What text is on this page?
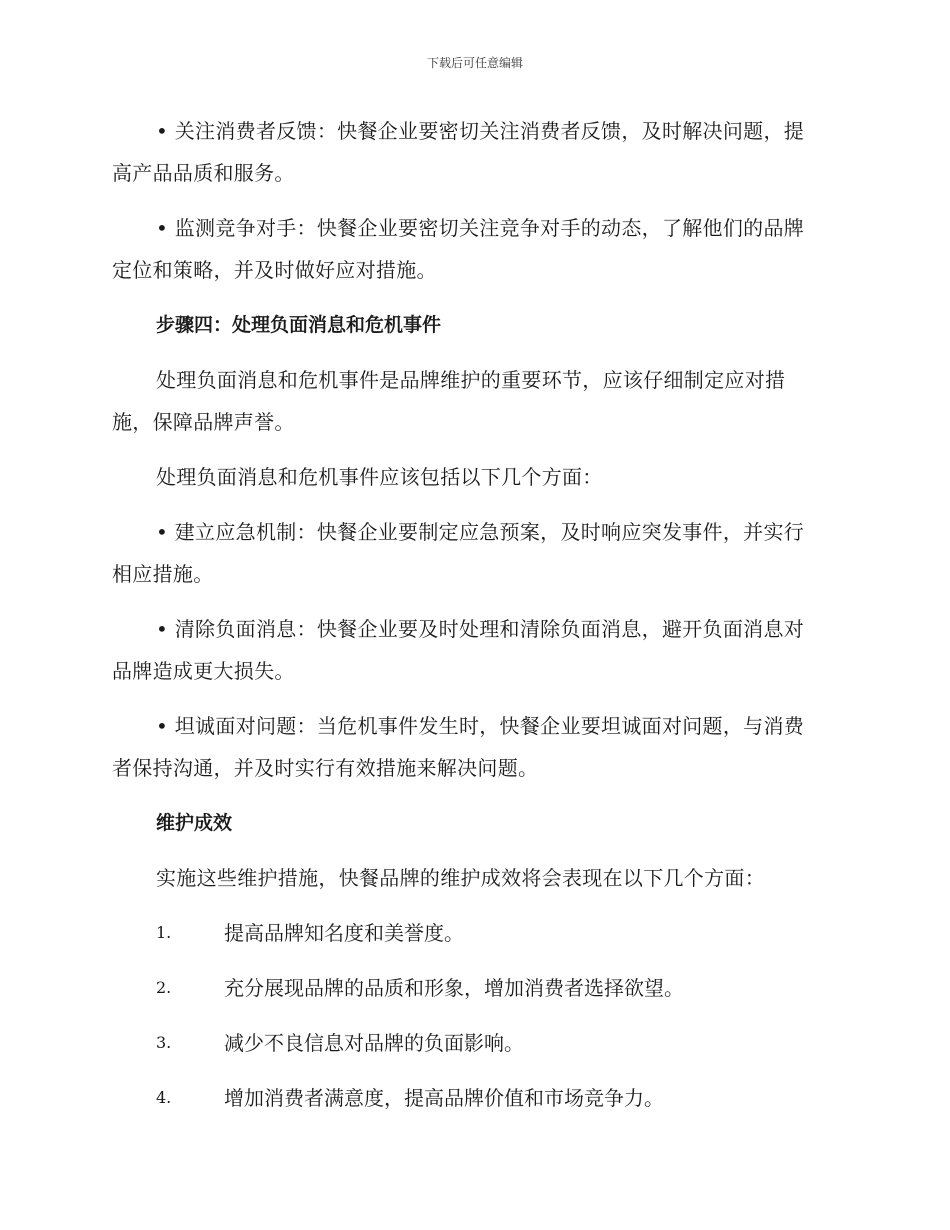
下载后可任意编辑

• 关注消费者反馈：快餐企业要密切关注消费者反馈，及时解决问题，提高产品品质和服务。

• 监测竞争对手：快餐企业要密切关注竞争对手的动态，了解他们的品牌定位和策略，并及时做好应对措施。

步骤四：处理负面消息和危机事件

处理负面消息和危机事件是品牌维护的重要环节，应该仔细制定应对措施，保障品牌声誉。

处理负面消息和危机事件应该包括以下几个方面：

• 建立应急机制：快餐企业要制定应急预案，及时响应突发事件，并实行相应措施。

• 清除负面消息：快餐企业要及时处理和清除负面消息，避开负面消息对品牌造成更大损失。

• 坦诚面对问题：当危机事件发生时，快餐企业要坦诚面对问题，与消费者保持沟通，并及时实行有效措施来解决问题。

维护成效

实施这些维护措施，快餐品牌的维护成效将会表现在以下几个方面：

1.	提高品牌知名度和美誉度。
2.	充分展现品牌的品质和形象，增加消费者选择欲望。
3.	减少不良信息对品牌的负面影响。
4.	增加消费者满意度，提高品牌价值和市场竞争力。
